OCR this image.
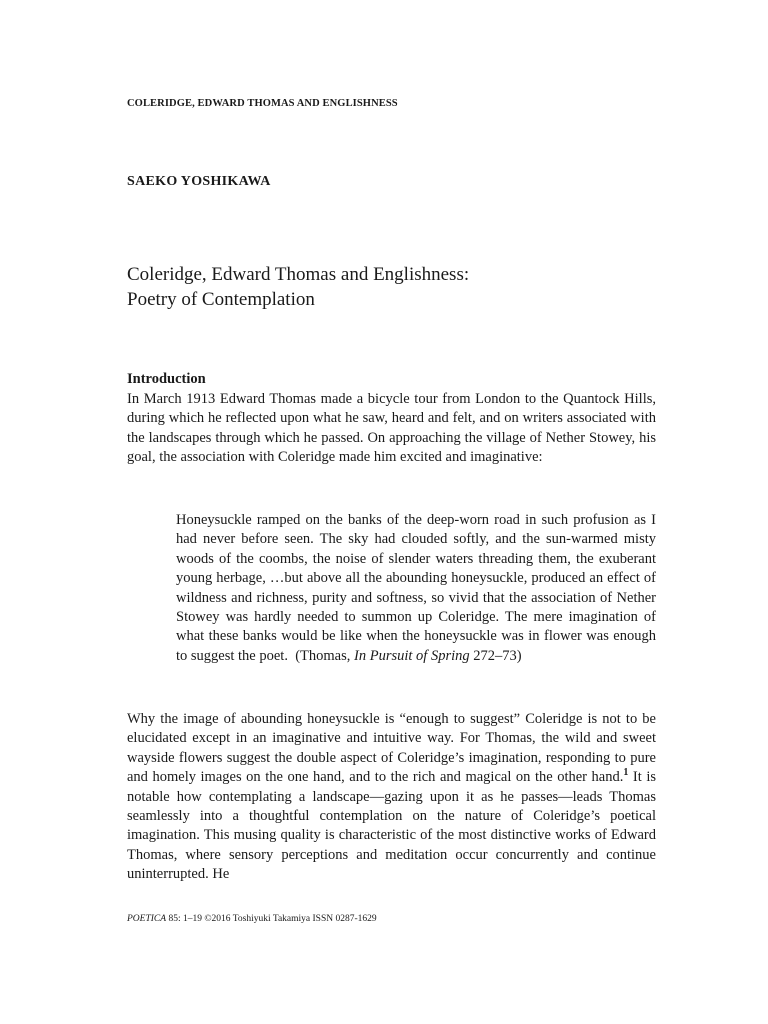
COLERIDGE, EDWARD THOMAS AND ENGLISHNESS
SAEKO YOSHIKAWA
Coleridge, Edward Thomas and Englishness:
Poetry of Contemplation
Introduction
In March 1913 Edward Thomas made a bicycle tour from London to the Quantock Hills, during which he reflected upon what he saw, heard and felt, and on writers associated with the landscapes through which he passed. On approaching the village of Nether Stowey, his goal, the association with Coleridge made him excited and imaginative:
Honeysuckle ramped on the banks of the deep-worn road in such profusion as I had never before seen. The sky had clouded softly, and the sun-warmed misty woods of the coombs, the noise of slender waters threading them, the exuberant young herbage, …but above all the abounding honeysuckle, produced an effect of wildness and richness, purity and softness, so vivid that the association of Nether Stowey was hardly needed to summon up Coleridge. The mere imagination of what these banks would be like when the honeysuckle was in flower was enough to suggest the poet.  (Thomas, In Pursuit of Spring 272–73)
Why the image of abounding honeysuckle is “enough to suggest” Coleridge is not to be elucidated except in an imaginative and intuitive way. For Thomas, the wild and sweet wayside flowers suggest the double aspect of Coleridge’s imagination, responding to pure and homely images on the one hand, and to the rich and magical on the other hand.$^1$ It is notable how contemplating a landscape—gazing upon it as he passes—leads Thomas seamlessly into a thoughtful contemplation on the nature of Coleridge’s poetical imagination. This musing quality is characteristic of the most distinctive works of Edward Thomas, where sensory perceptions and meditation occur concurrently and continue uninterrupted. He
POETICA 85: 1–19 ©2016 Toshiyuki Takamiya ISSN 0287-1629
